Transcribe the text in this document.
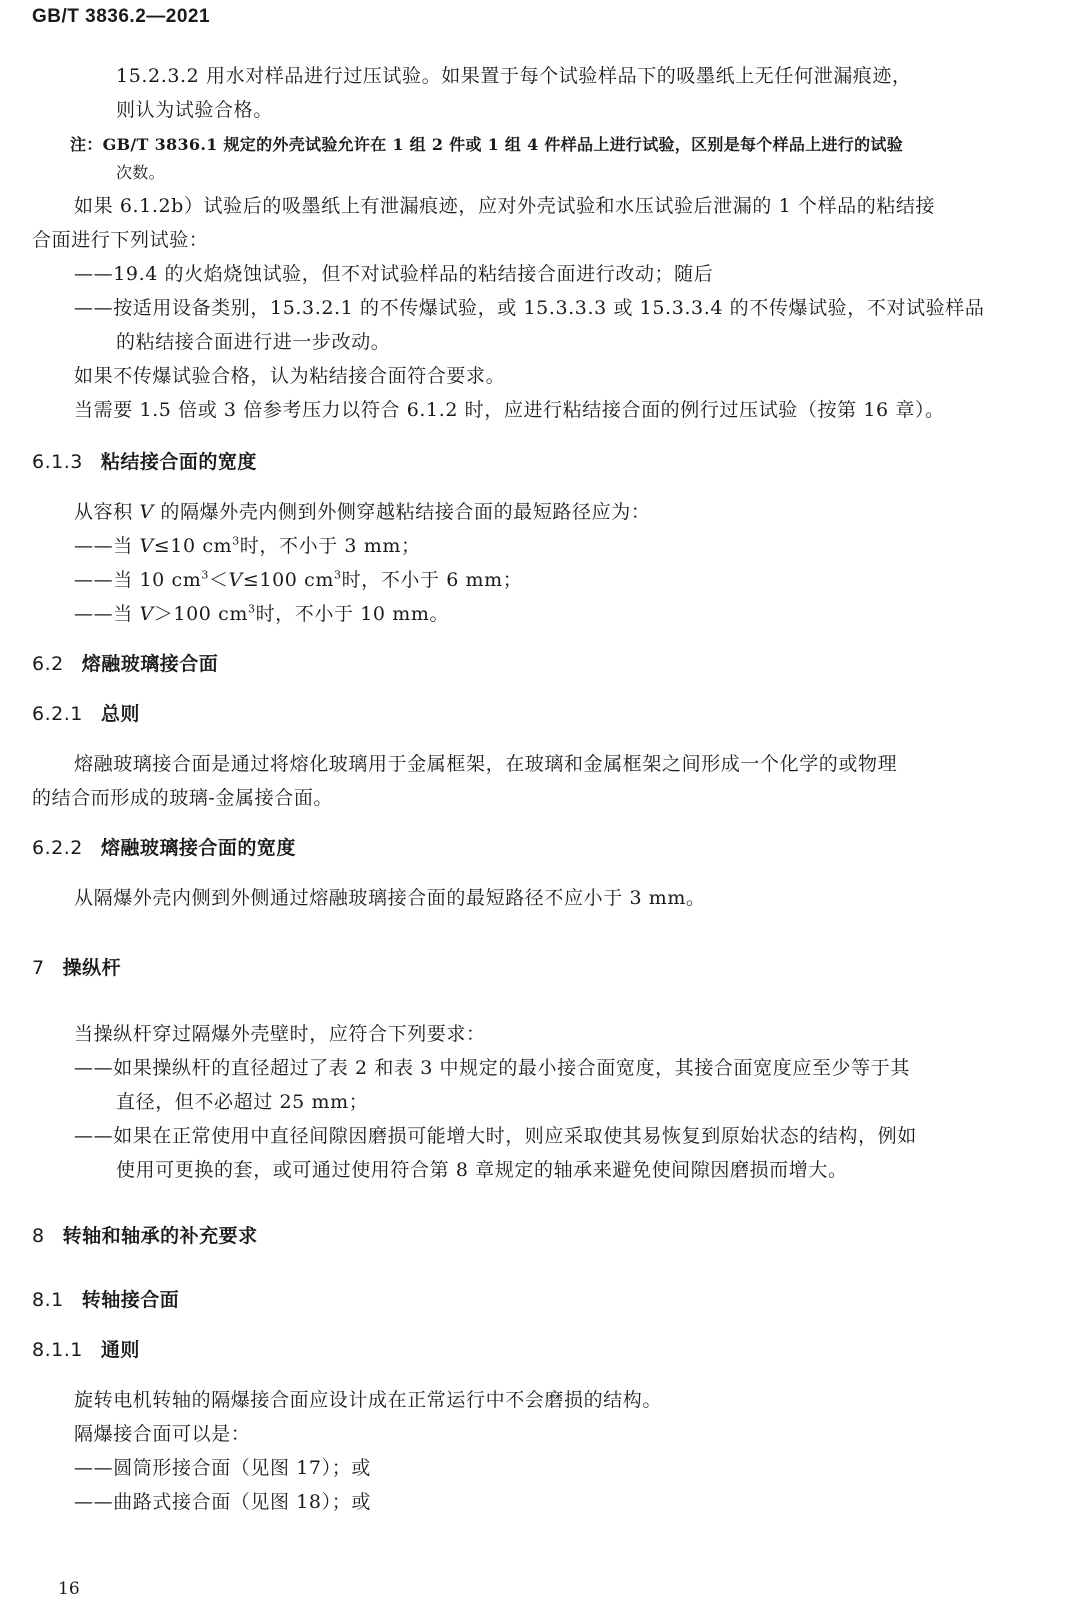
GB/T 3836.2—2021
15.2.3.2 用水对样品进行过压试验。如果置于每个试验样品下的吸墨纸上无任何泄漏痕迹，
则认为试验合格。
注：GB/T 3836.1 规定的外壳试验允许在 1 组 2 件或 1 组 4 件样品上进行试验，区别是每个样品上进行的试验
次数。
如果 6.1.2b）试验后的吸墨纸上有泄漏痕迹，应对外壳试验和水压试验后泄漏的 1 个样品的粘结接
合面进行下列试验：
——19.4 的火焰烧蚀试验，但不对试验样品的粘结接合面进行改动；随后
——按适用设备类别，15.3.2.1 的不传爆试验，或 15.3.3.3 或 15.3.3.4 的不传爆试验，不对试验样品
的粘结接合面进行进一步改动。
如果不传爆试验合格，认为粘结接合面符合要求。
当需要 1.5 倍或 3 倍参考压力以符合 6.1.2 时，应进行粘结接合面的例行过压试验（按第 16 章）。
6.1.3 粘结接合面的宽度
从容积 V 的隔爆外壳内侧到外侧穿越粘结接合面的最短路径应为：
——当 V≤10 $cm^3$时，不小于 3 mm；
——当 10 $cm^3<V\le 100$ $cm^3$时，不小于 6 mm；
——当 V＞100 $cm^3$时，不小于 10 mm。
6.2 熔融玻璃接合面
6.2.1 总则
熔融玻璃接合面是通过将熔化玻璃用于金属框架，在玻璃和金属框架之间形成一个化学的或物理
的结合而形成的玻璃-金属接合面。
6.2.2 熔融玻璃接合面的宽度
从隔爆外壳内侧到外侧通过熔融玻璃接合面的最短路径不应小于 3 mm。
7 操纵杆
当操纵杆穿过隔爆外壳壁时，应符合下列要求：
——如果操纵杆的直径超过了表 2 和表 3 中规定的最小接合面宽度，其接合面宽度应至少等于其
直径，但不必超过 25 mm；
——如果在正常使用中直径间隙因磨损可能增大时，则应采取使其易恢复到原始状态的结构，例如
使用可更换的套，或可通过使用符合第 8 章规定的轴承来避免使间隙因磨损而增大。
8 转轴和轴承的补充要求
8.1 转轴接合面
8.1.1 通则
旋转电机转轴的隔爆接合面应设计成在正常运行中不会磨损的结构。
隔爆接合面可以是：
——圆筒形接合面（见图 17）；或
——曲路式接合面（见图 18）；或
16
